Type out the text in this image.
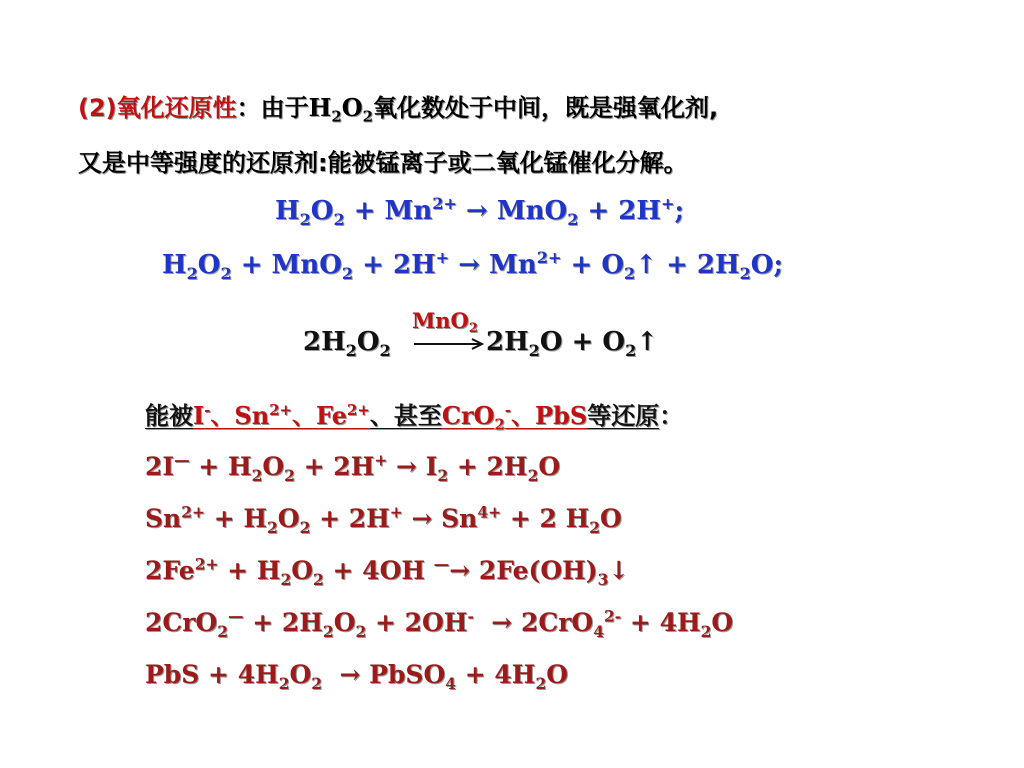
(2)氧化还原性：由于$H_2O_2$氧化数处于中间，既是强氧化剂,
又是中等强度的还原剂:能被锰离子或二氧化锰催化分解。
$H_2O_2 + Mn^{2+} \to MnO_2 + 2H^+$;
$H_2O_2 + MnO_2 + 2H^+ \to Mn^{2+}$ + $O_2↑ + 2H_2O$;
$2H_2O_2$
MnO$_2$ $2H_2O$ + $O_2↑$
能被I-、$Sn^{2+}$、$Fe^{2+}$、甚至CrO$_2$-、PbS等还原：
$2I^— + H_2O_2 + 2H^+ \to I_2 + 2H_2O$
$Sn^{2+} + H_2O_2 + 2H^+ \to Sn^{4+} + 2$ $H_2O$
$2Fe^{2+} + H_2O_2 + 4OH$ $^—\to 2Fe(OH)_3↓$
$2CrO_2^— + 2H_2O_2 + 2OH^- \to 2CrO_4^{2-} + 4H_2O$
PbS + $4H_2O_2$  → PbSO$_4$ + $4H_2O$
